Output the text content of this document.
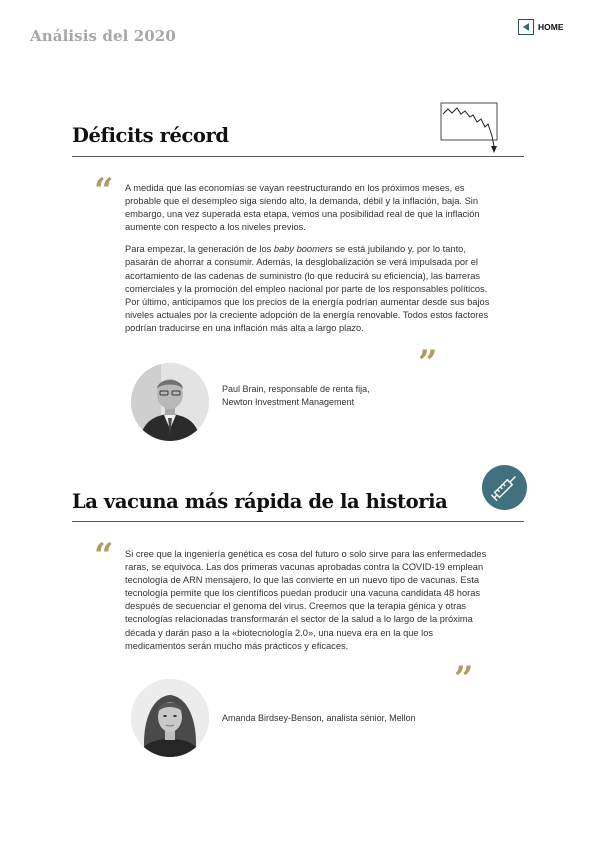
Análisis del 2020	HOME
Déficits récord
“ A medida que las economías se vayan reestructurando en los próximos meses, es probable que el desempleo siga siendo alto, la demanda, débil y la inflación, baja. Sin embargo, una vez superada esta etapa, vemos una posibilidad real de que la inflación aumente con respecto a los niveles previos.

Para empezar, la generación de los baby boomers se está jubilando y, por lo tanto, pasarán de ahorrar a consumir. Además, la desglobalización se verá impulsada por el acortamiento de las cadenas de suministro (lo que reducirá su eficiencia), las barreras comerciales y la promoción del empleo nacional por parte de los responsables políticos. Por último, anticipamos que los precios de la energía podrían aumentar desde sus bajos niveles actuales por la creciente adopción de la energía renovable. Todos estos factores podrían traducirse en una inflación más alta a largo plazo.

”
Paul Brain, responsable de renta fija,
Newton Investment Management
La vacuna más rápida de la historia
“ Si cree que la ingeniería genética es cosa del futuro o solo sirve para las enfermedades raras, se equivoca. Las dos primeras vacunas aprobadas contra la COVID-19 emplean tecnología de ARN mensajero, lo que las convierte en un nuevo tipo de vacunas. Esta tecnología permite que los científicos puedan producir una vacuna candidata 48 horas después de secuenciar el genoma del virus. Creemos que la terapia génica y otras tecnologías relacionadas transformarán el sector de la salud a lo largo de la próxima década y darán paso a la «biotecnología 2.0», una nueva era en la que los medicamentos serán mucho más prácticos y eficaces.

”
Amanda Birdsey-Benson, analista sénior, Mellon
